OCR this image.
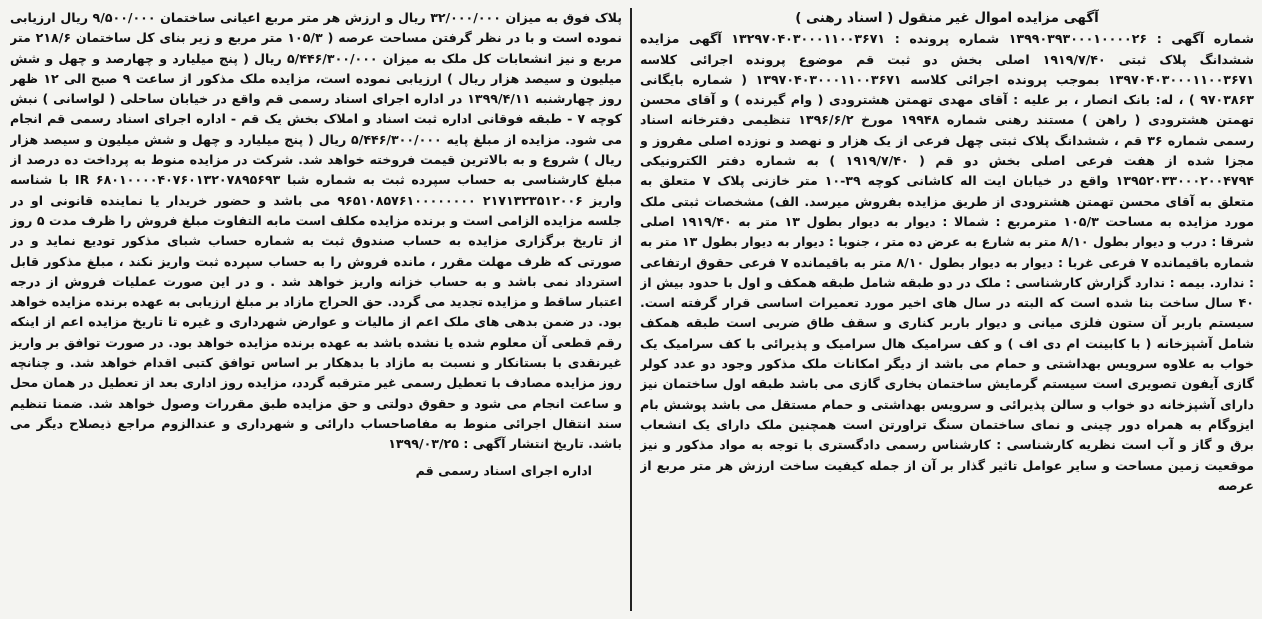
آگهی مزایده اموال غیر منقول ( اسناد رهنی )

شماره آگهی : ۱۳۹۹۰۳۹۳۰۰۰۱۰۰۰۰۲۶ شماره پرونده : ۱۳۲۹۷۰۴۰۳۰۰۰۱۱۰۰۳۶۷۱ آگهی مزایده ششدانگ پلاک ثبتی ۱۹۱۹/۷/۴۰ اصلی بخش دو ثبت قم موضوع پرونده اجرائی کلاسه ۱۳۹۷۰۴۰۳۰۰۰۱۱۰۰۳۶۷۱ بموجب پرونده اجرائی کلاسه ۱۳۹۷۰۴۰۳۰۰۰۱۱۰۰۳۶۷۱ ( شماره بایگانی ۹۷۰۳۸۶۳ ) ، له: بانک انصار ، بر علیه : آقای مهدی تهمتن هشترودی ( وام گیرنده ) و آقای محسن تهمتن هشترودی ( راهن ) مستند رهنی شماره ۱۹۹۴۸ مورخ ۱۳۹۶/۶/۲ تنظیمی دفترخانه اسناد رسمی شماره ۳۶ قم ، ششدانگ پلاک ثبتی چهل فرعی از یک هزار و نهصد و نوزده اصلی مفروز و مجزا شده از هفت فرعی اصلی بخش دو قم ( ۱۹۱۹/۷/۴۰ ) به شماره دفتر الکترونیکی ۱۳۹۵۲۰۳۳۰۰۰۲۰۰۴۷۹۴ واقع در خیابان ایت اله کاشانی کوچه ۳۹-۱۰ متر خازنی پلاک ۷ متعلق به متعلق به آقای محسن تهمتن هشترودی از طریق مزایده بفروش میرسد. الف) مشخصات ثبتی ملک مورد مزایده به مساحت ۱۰۵/۳ مترمربع : شمالا : دیوار به دیوار بطول ۱۳ متر به ۱۹۱۹/۴۰ اصلی شرقا : درب و دیوار بطول ۸/۱۰ متر به شارع به عرض ده متر ، جنوبا : دیوار به دیوار بطول ۱۳ متر به شماره باقیمانده ۷ فرعی غربا : دیوار به دیوار بطول ۸/۱۰ متر به باقیمانده ۷ فرعی حقوق ارتفاعی : ندارد. بیمه : ندارد گزارش کارشناسی : ملک در دو طبقه شامل طبقه همکف و اول با حدود بیش از ۴۰ سال ساخت بنا شده است که البته در سال های اخیر مورد تعمیرات اساسی قرار گرفته است. سیستم باربر آن ستون فلزی میانی و دیوار باربر کناری و سقف طاق ضربی است طبقه همکف شامل آشپزخانه ( با کابینت ام دی اف ) و کف سرامیک هال سرامیک و پذیرائی با کف سرامیک یک خواب به علاوه سرویس بهداشتی و حمام می باشد از دیگر امکانات ملک مذکور وجود دو عدد کولر گازی آیفون تصویری است سیستم گرمایش ساختمان بخاری گازی می باشد طبقه اول ساختمان نیز دارای آشپزخانه دو خواب و سالن پذیرائی و سرویس بهداشتی و حمام مستقل می باشد پوشش بام ایزوگام به همراه دور چینی و نمای ساختمان سنگ تراورتن است همچنین ملک دارای یک انشعاب برق و گاز و آب است نظریه کارشناسی : کارشناس رسمی دادگستری با توجه به مواد مذکور و نیز موقعیت زمین مساحت و سایر عوامل تاثیر گذار بر آن از جمله کیفیت ساخت ارزش هر متر مربع از عرصه

پلاک فوق به میزان ۳۲/۰۰۰/۰۰۰ ریال و ارزش هر متر مربع اعیانی ساختمان ۹/۵۰۰/۰۰۰ ریال ارزیابی نموده است و با در نظر گرفتن مساحت عرصه ( ۱۰۵/۳ متر مربع و زیر بنای کل ساختمان ۲۱۸/۶ متر مربع و نیز انشعابات کل ملک به میزان ۵/۴۴۶/۳۰۰/۰۰۰ ریال ( پنج میلیارد و چهارصد و چهل و شش میلیون و سیصد هزار ریال ) ارزیابی نموده است، مزایده ملک مذکور از ساعت ۹ صبح الی ۱۲ ظهر روز چهارشنبه ۱۳۹۹/۴/۱۱ در اداره اجرای اسناد رسمی قم واقع در خیابان ساحلی ( لواسانی ) نبش کوچه ۷ - طبقه فوقانی اداره ثبت اسناد و املاک بخش یک قم - اداره اجرای اسناد رسمی قم انجام می شود. مزایده از مبلغ پایه ۵/۴۴۶/۳۰۰/۰۰۰ ریال ( پنج میلیارد و چهل و شش میلیون و سیصد هزار ریال ) شروع و به بالاترین قیمت فروخته خواهد شد. شرکت در مزایده منوط به پرداخت ده درصد از مبلغ کارشناسی به حساب سپرده ثبت به شماره شبا IR ۶۸۰۱۰۰۰۰۴۰۷۶۰۱۳۲۰۷۸۹۵۶۹۳ با شناسه واریز ۲۱۷۱۳۲۳۵۱۲۰۰۶ ۹۶۵۱۰۸۵۷۶۱۰۰۰۰۰۰۰۰ می باشد و حضور خریدار یا نماینده قانونی او در جلسه مزایده الزامی است و برنده مزایده مکلف است مابه التفاوت مبلغ فروش را ظرف مدت ۵ روز از تاریخ برگزاری مزایده به حساب صندوق ثبت به شماره حساب شبای مذکور تودیع نماید و در صورتی که ظرف مهلت مقرر ، مانده فروش را به حساب سپرده ثبت واریز نکند ، مبلغ مذکور قابل استرداد نمی باشد و به حساب خزانه واریز خواهد شد . و در این صورت عملیات فروش از درجه اعتبار ساقط و مزایده تجدید می گردد. حق الحراج مازاد بر مبلغ ارزیابی به عهده برنده مزایده خواهد بود. در ضمن بدهی های ملک اعم از مالیات و عوارض شهرداری و غیره تا تاریخ مزایده اعم از اینکه رقم قطعی آن معلوم شده یا نشده باشد به عهده برنده مزایده خواهد بود. در صورت توافق بر واریز غیرنقدی با بستانکار و نسبت به مازاد با بدهکار بر اساس توافق کتبی اقدام خواهد شد. و چنانچه روز مزایده مصادف با تعطیل رسمی غیر مترقبه گردد، مزایده روز اداری بعد از تعطیل در همان محل و ساعت انجام می شود و حقوق دولتی و حق مزایده طبق مقررات وصول خواهد شد. ضمنا تنظیم سند انتقال اجرائی منوط به مفاصاحساب دارائی و شهرداری و عندالزوم مراجع ذیصلاح دیگر می باشد. تاریخ انتشار آگهی : ۱۳۹۹/۰۳/۲۵

اداره اجرای اسناد رسمی قم
